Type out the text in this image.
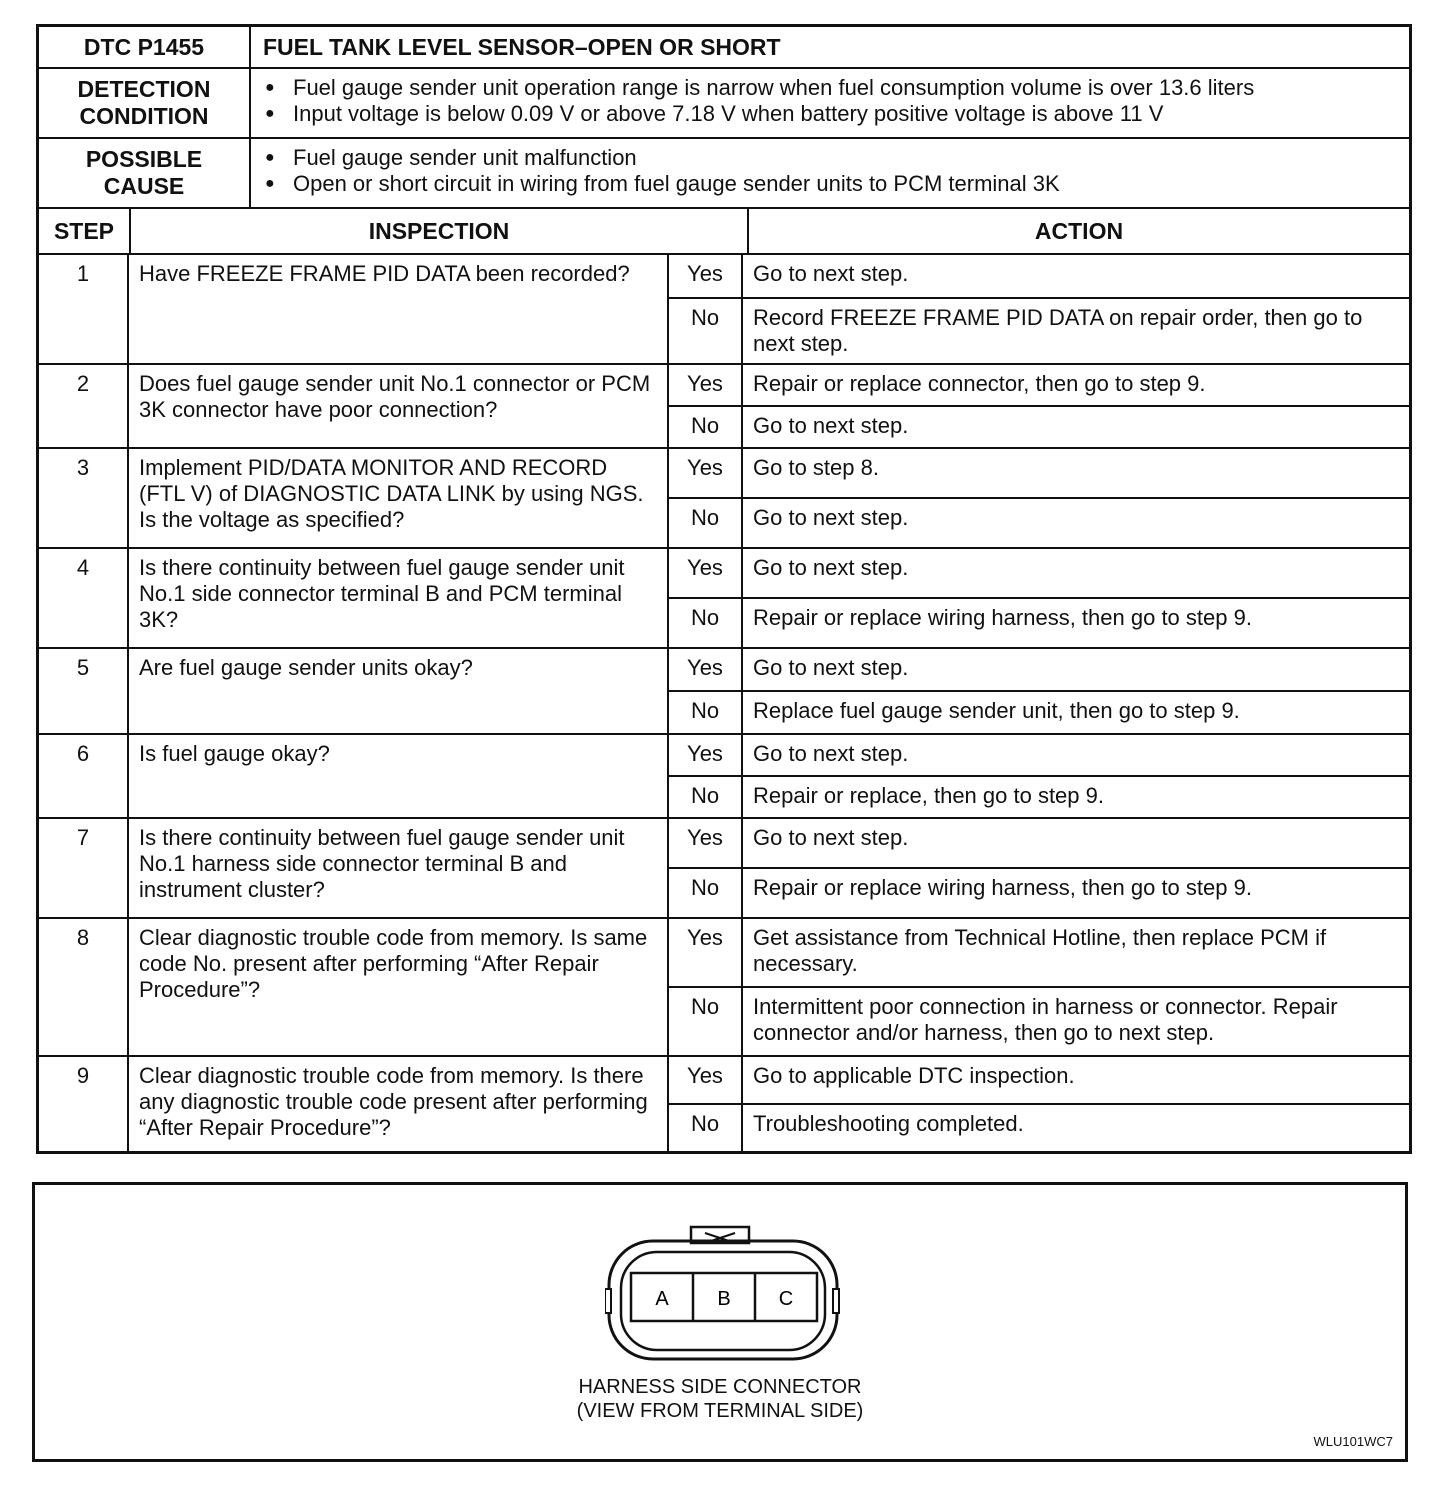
DTC P1455	FUEL TANK LEVEL SENSOR–OPEN OR SHORT
DETECTION
CONDITION
● Fuel gauge sender unit operation range is narrow when fuel consumption volume is over 13.6 liters
● Input voltage is below 0.09 V or above 7.18 V when battery positive voltage is above 11 V
POSSIBLE
CAUSE
● Fuel gauge sender unit malfunction
● Open or short circuit in wiring from fuel gauge sender units to PCM terminal 3K
STEP	INSPECTION	ACTION
1	Have FREEZE FRAME PID DATA been recorded?	Yes	Go to next step.
No	Record FREEZE FRAME PID DATA on repair order, then go to next step.
2	Does fuel gauge sender unit No.1 connector or PCM 3K connector have poor connection?
Yes	Repair or replace connector, then go to step 9.
No	Go to next step.
3	Implement PID/DATA MONITOR AND RECORD (FTL V) of DIAGNOSTIC DATA LINK by using NGS. Is the voltage as specified?
Yes	Go to step 8.
No	Go to next step.
4	Is there continuity between fuel gauge sender unit No.1 side connector terminal B and PCM terminal 3K?
Yes	Go to next step.
No	Repair or replace wiring harness, then go to step 9.
5	Are fuel gauge sender units okay?	Yes	Go to next step.
No	Replace fuel gauge sender unit, then go to step 9.
6	Is fuel gauge okay?	Yes	Go to next step.
No	Repair or replace, then go to step 9.
7	Is there continuity between fuel gauge sender unit No.1 harness side connector terminal B and instrument cluster?
Yes	Go to next step.
No	Repair or replace wiring harness, then go to step 9.
8	Clear diagnostic trouble code from memory. Is same code No. present after performing “After Repair Procedure”?
Yes	Get assistance from Technical Hotline, then replace PCM if necessary.
No	Intermittent poor connection in harness or connector. Repair connector and/or harness, then go to next step.
9	Clear diagnostic trouble code from memory. Is there any diagnostic trouble code present after performing “After Repair Procedure”?
Yes	Go to applicable DTC inspection.
No	Troubleshooting completed.
A B C
HARNESS SIDE CONNECTOR
(VIEW FROM TERMINAL SIDE)
WLU101WC7
